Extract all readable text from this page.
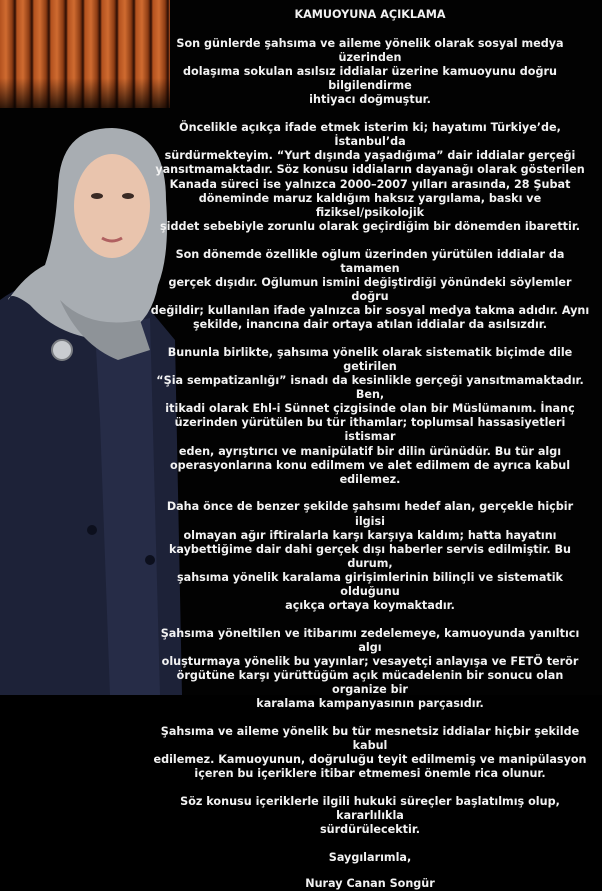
KAMUOYUNA AÇIKLAMA

Son günlerde şahsıma ve aileme yönelik olarak sosyal medya üzerinden
dolaşıma sokulan asılsız iddialar üzerine kamuoyunu doğru bilgilendirme
ihtiyacı doğmuştur.

Öncelikle açıkça ifade etmek isterim ki; hayatımı Türkiye’de, İstanbul’da
sürdürmekteyim. “Yurt dışında yaşadığıma” dair iddialar gerçeği
yansıtmamaktadır. Söz konusu iddiaların dayanağı olarak gösterilen
Kanada süreci ise yalnızca 2000–2007 yılları arasında, 28 Şubat
döneminde maruz kaldığım haksız yargılama, baskı ve fiziksel/psikolojik
şiddet sebebiyle zorunlu olarak geçirdiğim bir dönemden ibarettir.

Son dönemde özellikle oğlum üzerinden yürütülen iddialar da tamamen
gerçek dışıdır. Oğlumun ismini değiştirdiği yönündeki söylemler doğru
değildir; kullanılan ifade yalnızca bir sosyal medya takma adıdır. Aynı
şekilde, inancına dair ortaya atılan iddialar da asılsızdır.

Bununla birlikte, şahsıma yönelik olarak sistematik biçimde dile getirilen
“Şia sempatizanlığı” isnadı da kesinlikle gerçeği yansıtmamaktadır. Ben,
itikadi olarak Ehl-i Sünnet çizgisinde olan bir Müslümanım. İnanç
üzerinden yürütülen bu tür ithamlar; toplumsal hassasiyetleri istismar
eden, ayrıştırıcı ve manipülatif bir dilin ürünüdür. Bu tür algı
operasyonlarına konu edilmem ve alet edilmem de ayrıca kabul edilemez.

Daha önce de benzer şekilde şahsımı hedef alan, gerçekle hiçbir ilgisi
olmayan ağır iftiralarla karşı karşıya kaldım; hatta hayatını
kaybettiğime dair dahi gerçek dışı haberler servis edilmiştir. Bu durum,
şahsıma yönelik karalama girişimlerinin bilinçli ve sistematik olduğunu
açıkça ortaya koymaktadır.

Şahsıma yöneltilen ve itibarımı zedelemeye, kamuoyunda yanıltıcı algı
oluşturmaya yönelik bu yayınlar; vesayetçi anlayışa ve FETÖ terör
örgütüne karşı yürüttüğüm açık mücadelenin bir sonucu olan organize bir
karalama kampanyasının parçasıdır.

Şahsıma ve aileme yönelik bu tür mesnetsiz iddialar hiçbir şekilde kabul
edilemez. Kamuoyunun, doğruluğu teyit edilmemiş ve manipülasyon
içeren bu içeriklere itibar etmemesi önemle rica olunur.

Söz konusu içeriklerle ilgili hukuki süreçler başlatılmış olup, kararlılıkla
sürdürülecektir.

Saygılarımla,

Nuray Canan Songür
